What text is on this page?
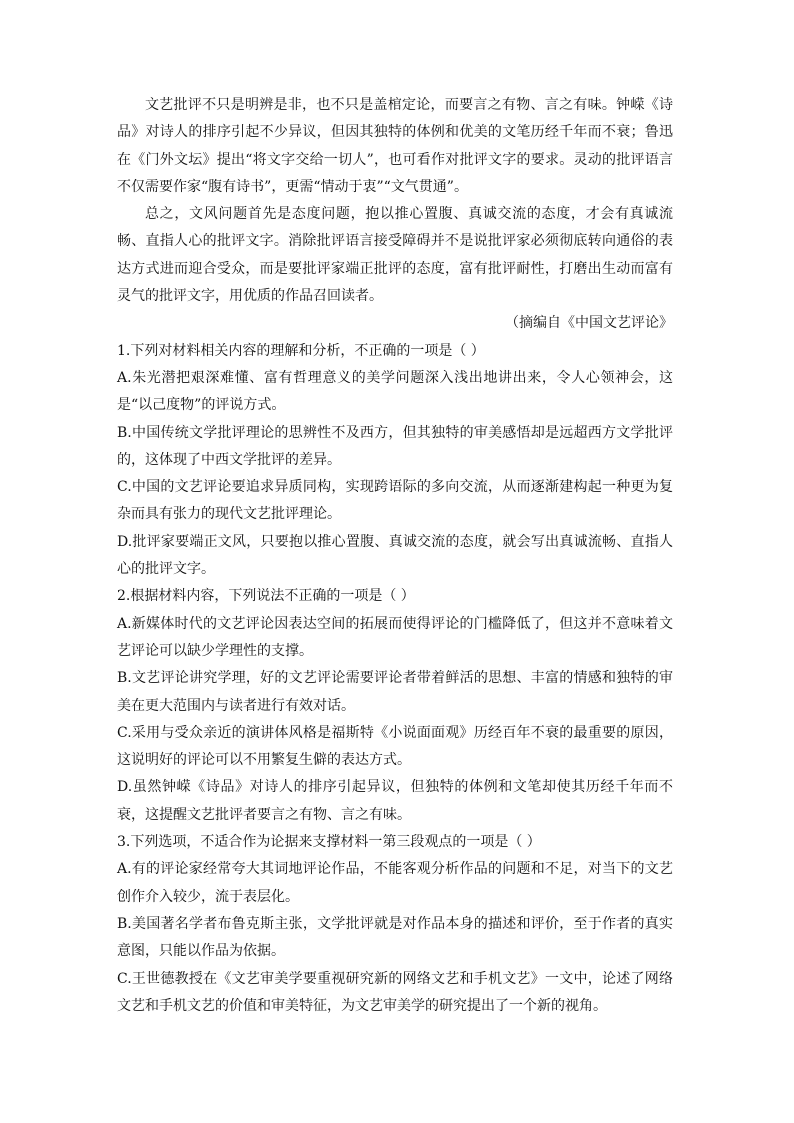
文艺批评不只是明辨是非，也不只是盖棺定论，而要言之有物、言之有味。钟嵘《诗品》对诗人的排序引起不少异议，但因其独特的体例和优美的文笔历经千年而不衰；鲁迅在《门外文坛》提出“将文字交给一切人”，也可看作对批评文字的要求。灵动的批评语言不仅需要作家“腹有诗书”，更需“情动于衷”“文气贯通”。

总之，文风问题首先是态度问题，抱以推心置腹、真诚交流的态度，才会有真诚流畅、直指人心的批评文字。消除批评语言接受障碍并不是说批评家必须彻底转向通俗的表达方式进而迎合受众，而是要批评家端正批评的态度，富有批评耐性，打磨出生动而富有灵气的批评文字，用优质的作品召回读者。

（摘编自《中国文艺评论》

1.下列对材料相关内容的理解和分析，不正确的一项是（ ）

A.朱光潜把艰深难懂、富有哲理意义的美学问题深入浅出地讲出来，令人心领神会，这是“以己度物”的评说方式。

B.中国传统文学批评理论的思辨性不及西方，但其独特的审美感悟却是远超西方文学批评的，这体现了中西文学批评的差异。

C.中国的文艺评论要追求异质同构，实现跨语际的多向交流，从而逐渐建构起一种更为复杂而具有张力的现代文艺批评理论。

D.批评家要端正文风，只要抱以推心置腹、真诚交流的态度，就会写出真诚流畅、直指人心的批评文字。

2.根据材料内容，下列说法不正确的一项是（ ）

A.新媒体时代的文艺评论因表达空间的拓展而使得评论的门槛降低了，但这并不意味着文艺评论可以缺少学理性的支撑。

B.文艺评论讲究学理，好的文艺评论需要评论者带着鲜活的思想、丰富的情感和独特的审美在更大范围内与读者进行有效对话。

C.采用与受众亲近的演讲体风格是福斯特《小说面面观》历经百年不衰的最重要的原因，这说明好的评论可以不用繁复生僻的表达方式。

D.虽然钟嵘《诗品》对诗人的排序引起异议，但独特的体例和文笔却使其历经千年而不衰，这提醒文艺批评者要言之有物、言之有味。

3.下列选项，不适合作为论据来支撑材料一第三段观点的一项是（ ）

A.有的评论家经常夸大其词地评论作品，不能客观分析作品的问题和不足，对当下的文艺创作介入较少，流于表层化。

B.美国著名学者布鲁克斯主张，文学批评就是对作品本身的描述和评价，至于作者的真实意图，只能以作品为依据。

C.王世德教授在《文艺审美学要重视研究新的网络文艺和手机文艺》一文中，论述了网络文艺和手机文艺的价值和审美特征，为文艺审美学的研究提出了一个新的视角。
